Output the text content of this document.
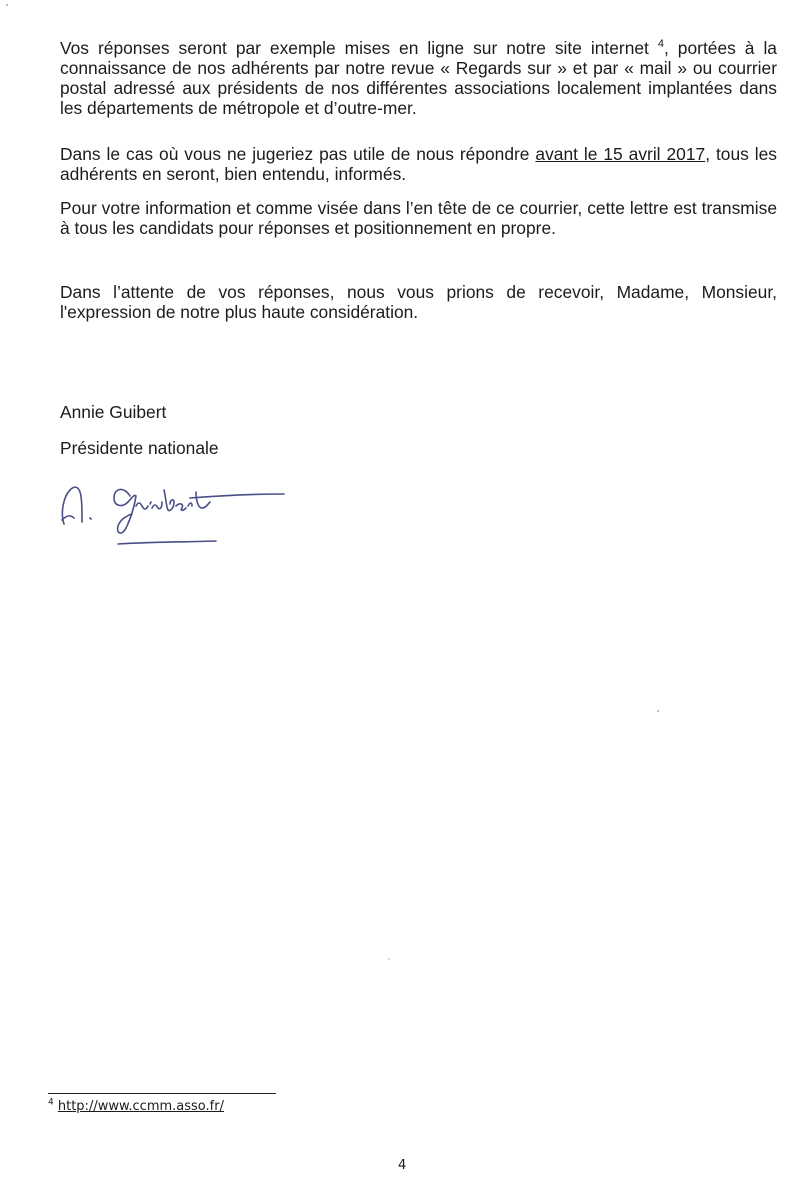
Vos réponses seront par exemple mises en ligne sur notre site internet $^4$, portées à la connaissance de nos adhérents par notre revue « Regards sur » et par « mail » ou courrier postal adressé aux présidents de nos différentes associations localement implantées dans les départements de métropole et d’outre-mer.

Dans le cas où vous ne jugeriez pas utile de nous répondre avant le 15 avril 2017, tous les adhérents en seront, bien entendu, informés.

Pour votre information et comme visée dans l’en tête de ce courrier, cette lettre est transmise à tous les candidats pour réponses et positionnement en propre.

Dans l’attente de vos réponses, nous vous prions de recevoir, Madame, Monsieur, l'expression de notre plus haute considération.

Annie Guibert

Présidente nationale

$^4$ http://www.ccmm.asso.fr/
4
